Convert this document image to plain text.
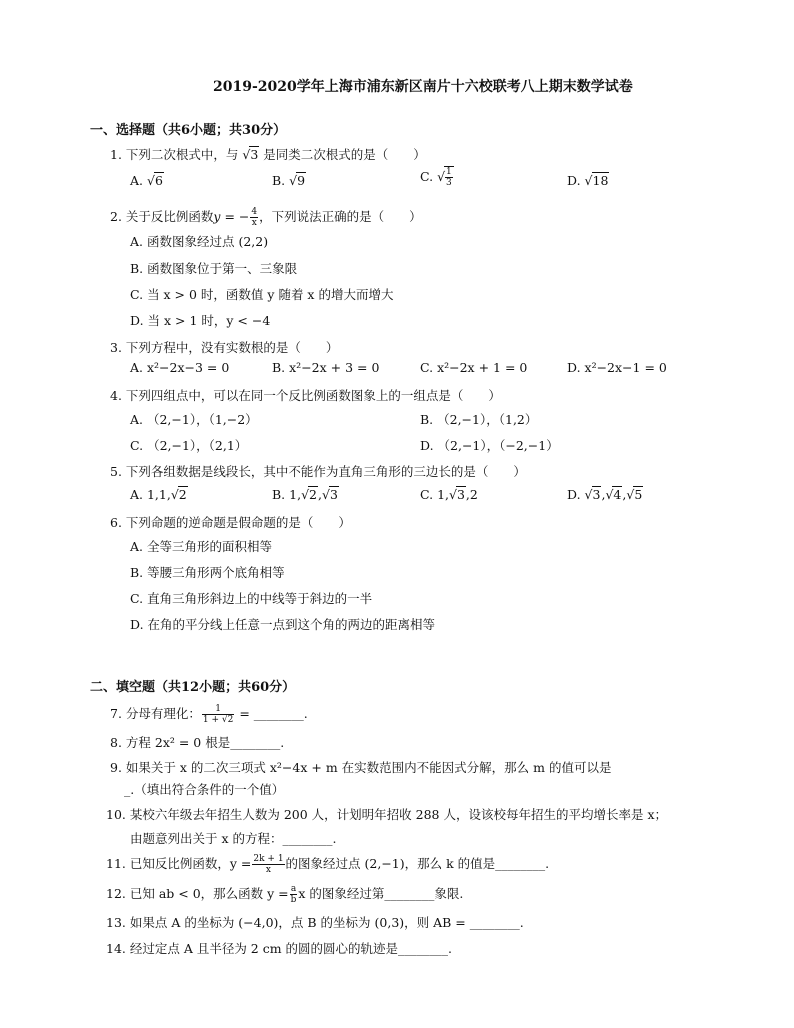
2019-2020学年上海市浦东新区南片十六校联考八上期末数学试卷
一、选择题（共6小题；共30分）
1. 下列二次根式中，与 √ 3 是同类二次根式的是（　　）
A. √ 6	B. √ 9	C. √ $\frac{1}{3}$	D. √ 18
2. 关于反比例函数y = − $\frac{4}{x}$ ，下列说法正确的是（　　）
A. 函数图象经过点 (2,2)
B. 函数图象位于第一、三象限
C. 当 x > 0 时，函数值 y 随着 x 的增大而增大
D. 当 x > 1 时，y < −4
3. 下列方程中，没有实数根的是（　　）
A. x²−2x−3 = 0	B. x²−2x + 3 = 0	C. x²−2x + 1 = 0	D. x²−2x−1 = 0
4. 下列四组点中，可以在同一个反比例函数图象上的一组点是（　　）
A. （2,−1），（1,−2）	B. （2,−1），（1,2）
C. （2,−1），（2,1）	D. （2,−1），（−2,−1）
5. 下列各组数据是线段长，其中不能作为直角三角形的三边长的是（　　）
A. 1,1, √ 2	B. 1, √ 2, √ 3	C. 1, √ 3,2	D. √ 3, √ 4, √ 5
6. 下列命题的逆命题是假命题的是（　　）
A. 全等三角形的面积相等
B. 等腰三角形两个底角相等
C. 直角三角形斜边上的中线等于斜边的一半
D. 在角的平分线上任意一点到这个角的两边的距离相等
二、填空题（共12小题；共60分）
7. 分母有理化： $\frac{1}{1 + √2}$ = ________.
8. 方程 2x² = 0 根是________.
9. 如果关于 x 的二次三项式 x²−4x + m 在实数范围内不能因式分解，那么 m 的值可以是
_.（填出符合条件的一个值）
10. 某校六年级去年招生人数为 200 人，计划明年招收 288 人，设该校每年招生的平均增长率是 x；
由题意列出关于 x 的方程：________.
11. 已知反比例函数，$y = \frac{2k + 1}{x}$ 的图象经过点 (2,−1)，那么 k 的值是________.
12. 已知 ab < 0，那么函数 $y = \frac{a}{b}$ x 的图象经过第________象限.
13. 如果点 A 的坐标为 (−4,0)，点 B 的坐标为 (0,3)，则 AB = ________.
14. 经过定点 A 且半径为 2 cm 的圆的圆心的轨迹是________.
